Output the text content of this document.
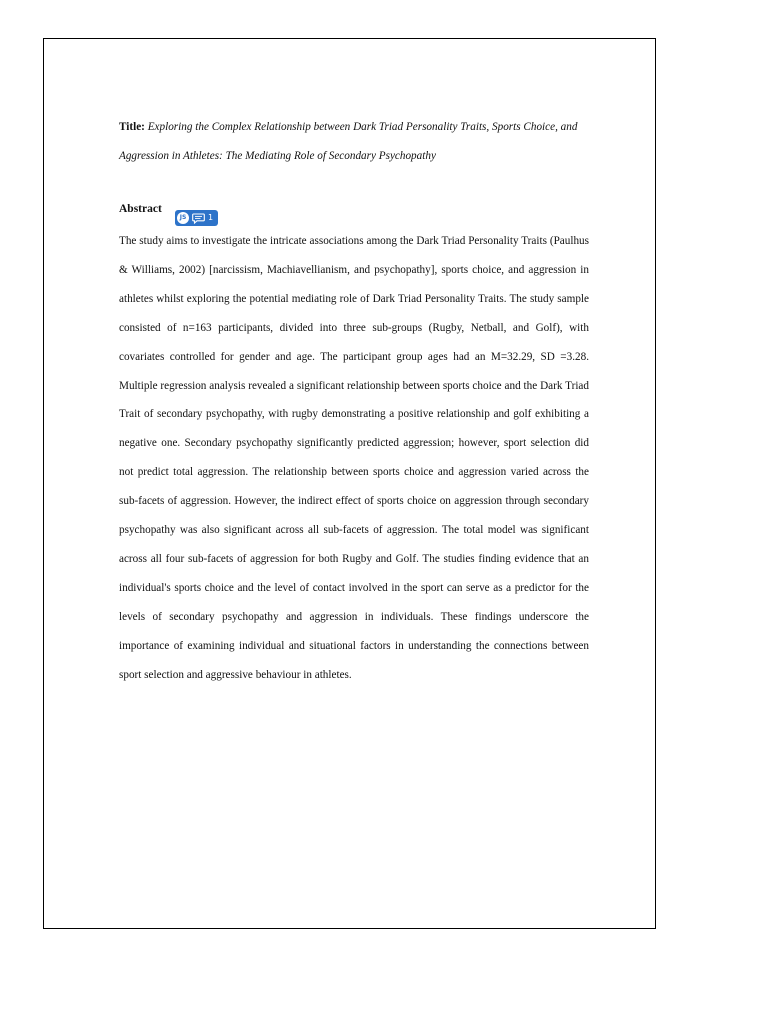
Title: Exploring the Complex Relationship between Dark Triad Personality Traits, Sports Choice, and Aggression in Athletes: The Mediating Role of Secondary Psychopathy
Abstract
JS	1
The study aims to investigate the intricate associations among the Dark Triad Personality Traits (Paulhus & Williams, 2002) [narcissism, Machiavellianism, and psychopathy], sports choice, and aggression in athletes whilst exploring the potential mediating role of Dark Triad Personality Traits. The study sample consisted of n=163 participants, divided into three sub-groups (Rugby, Netball, and Golf), with covariates controlled for gender and age. The participant group ages had an M=32.29, SD =3.28. Multiple regression analysis revealed a significant relationship between sports choice and the Dark Triad Trait of secondary psychopathy, with rugby demonstrating a positive relationship and golf exhibiting a negative one. Secondary psychopathy significantly predicted aggression; however, sport selection did not predict total aggression. The relationship between sports choice and aggression varied across the sub-facets of aggression. However, the indirect effect of sports choice on aggression through secondary psychopathy was also significant across all sub-facets of aggression. The total model was significant across all four sub-facets of aggression for both Rugby and Golf. The studies finding evidence that an individual's sports choice and the level of contact involved in the sport can serve as a predictor for the levels of secondary psychopathy and aggression in individuals. These findings underscore the importance of examining individual and situational factors in understanding the connections between sport selection and aggressive behaviour in athletes.
